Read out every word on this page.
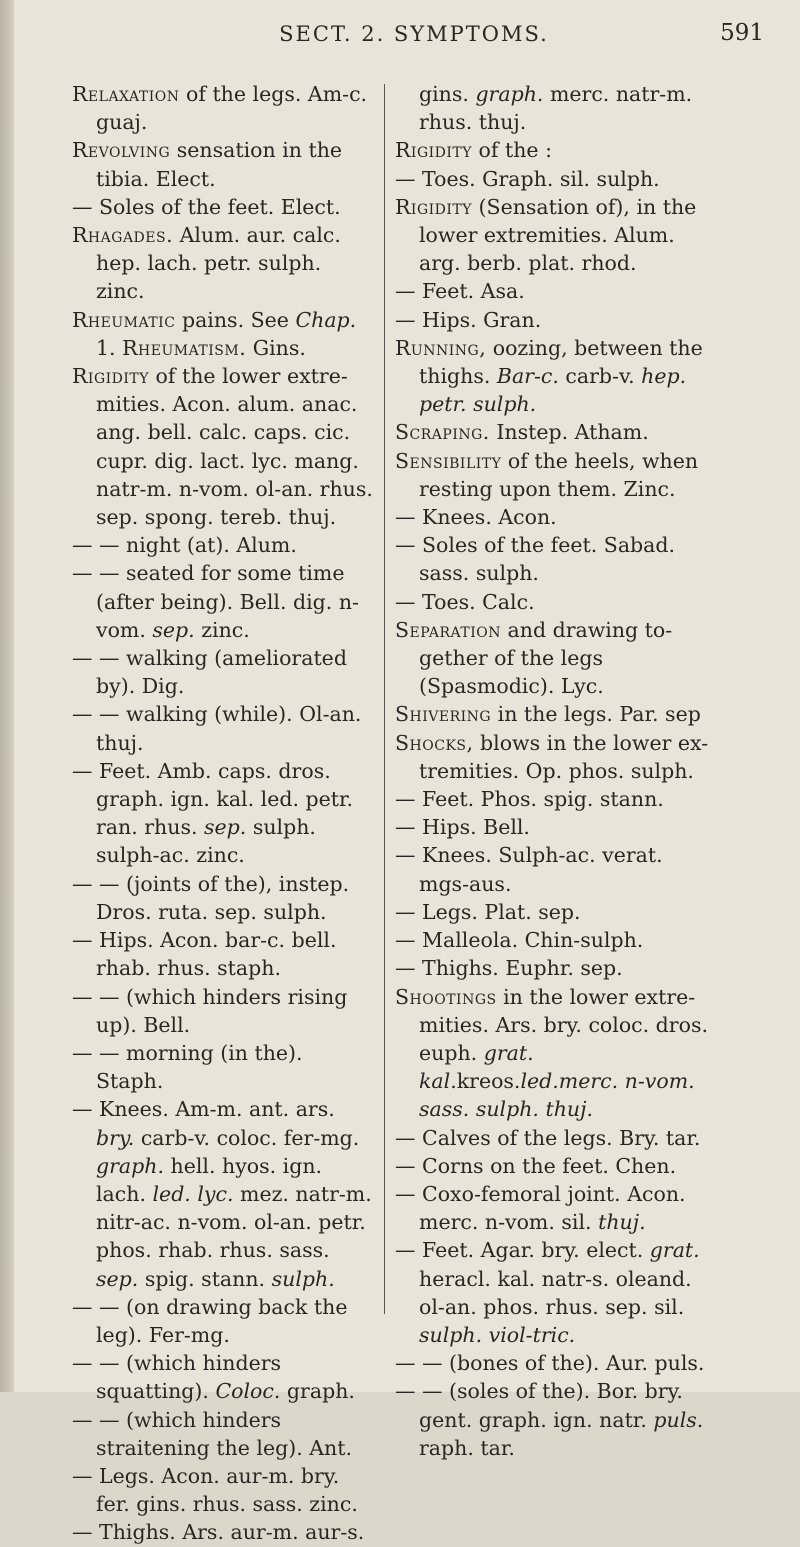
SECT. 2. SYMPTOMS.	591

Relaxation of the legs. Am-c. guaj.

Revolving sensation in the tibia. Elect.

— Soles of the feet. Elect.

Rhagades. Alum. aur. calc. hep. lach. petr. sulph. zinc.

Rheumatic pains. See Chap. 1. Rheumatism. Gins.

Rigidity of the lower extre-mities. Acon. alum. anac. ang. bell. calc. caps. cic. cupr. dig. lact. lyc. mang. natr-m. n-vom. ol-an. rhus. sep. spong. tereb. thuj.

— — night (at). Alum.

— — seated for some time (after being). Bell. dig. n-vom. sep. zinc.

— — walking (ameliorated by). Dig.

— — walking (while). Ol-an. thuj.

— Feet. Amb. caps. dros. graph. ign. kal. led. petr. ran. rhus. sep. sulph. sulph-ac. zinc.

— — (joints of the), instep. Dros. ruta. sep. sulph.

— Hips. Acon. bar-c. bell. rhab. rhus. staph.

— — (which hinders rising up). Bell.

— — morning (in the). Staph.

— Knees. Am-m. ant. ars. bry. carb-v. coloc. fer-mg. graph. hell. hyos. ign. lach. led. lyc. mez. natr-m. nitr-ac. n-vom. ol-an. petr. phos. rhab. rhus. sass. sep. spig. stann. sulph.

— — (on drawing back the leg). Fer-mg.

— — (which hinders squatting). Coloc. graph.

— — (which hinders straitening the leg). Ant.

— Legs. Acon. aur-m. bry. fer. gins. rhus. sass. zinc.

— Thighs. Ars. aur-m. aur-s.

gins. graph. merc. natr-m. rhus. thuj.

Rigidity of the :

— Toes. Graph. sil. sulph.

Rigidity (Sensation of), in the lower extremities. Alum. arg. berb. plat. rhod.

— Feet. Asa.

— Hips. Gran.

Running, oozing, between the thighs. Bar-c. carb-v. hep. petr. sulph.

Scraping. Instep. Atham.

Sensibility of the heels, when resting upon them. Zinc.

— Knees. Acon.

— Soles of the feet. Sabad. sass. sulph.

— Toes. Calc.

Separation and drawing to-gether of the legs (Spasmodic). Lyc.

Shivering in the legs. Par. sep

Shocks, blows in the lower ex-tremities. Op. phos. sulph.

— Feet. Phos. spig. stann.

— Hips. Bell.

— Knees. Sulph-ac. verat. mgs-aus.

— Legs. Plat. sep.

— Malleola. Chin-sulph.

— Thighs. Euphr. sep.

Shootings in the lower extre-mities. Ars. bry. coloc. dros. euph. grat. kal.kreos.led.merc. n-vom. sass. sulph. thuj.

— Calves of the legs. Bry. tar.

— Corns on the feet. Chen.

— Coxo-femoral joint. Acon. merc. n-vom. sil. thuj.

— Feet. Agar. bry. elect. grat. heracl. kal. natr-s. oleand. ol-an. phos. rhus. sep. sil. sulph. viol-tric.

— — (bones of the). Aur. puls.

— — (soles of the). Bor. bry. gent. graph. ign. natr. puls. raph. tar.
